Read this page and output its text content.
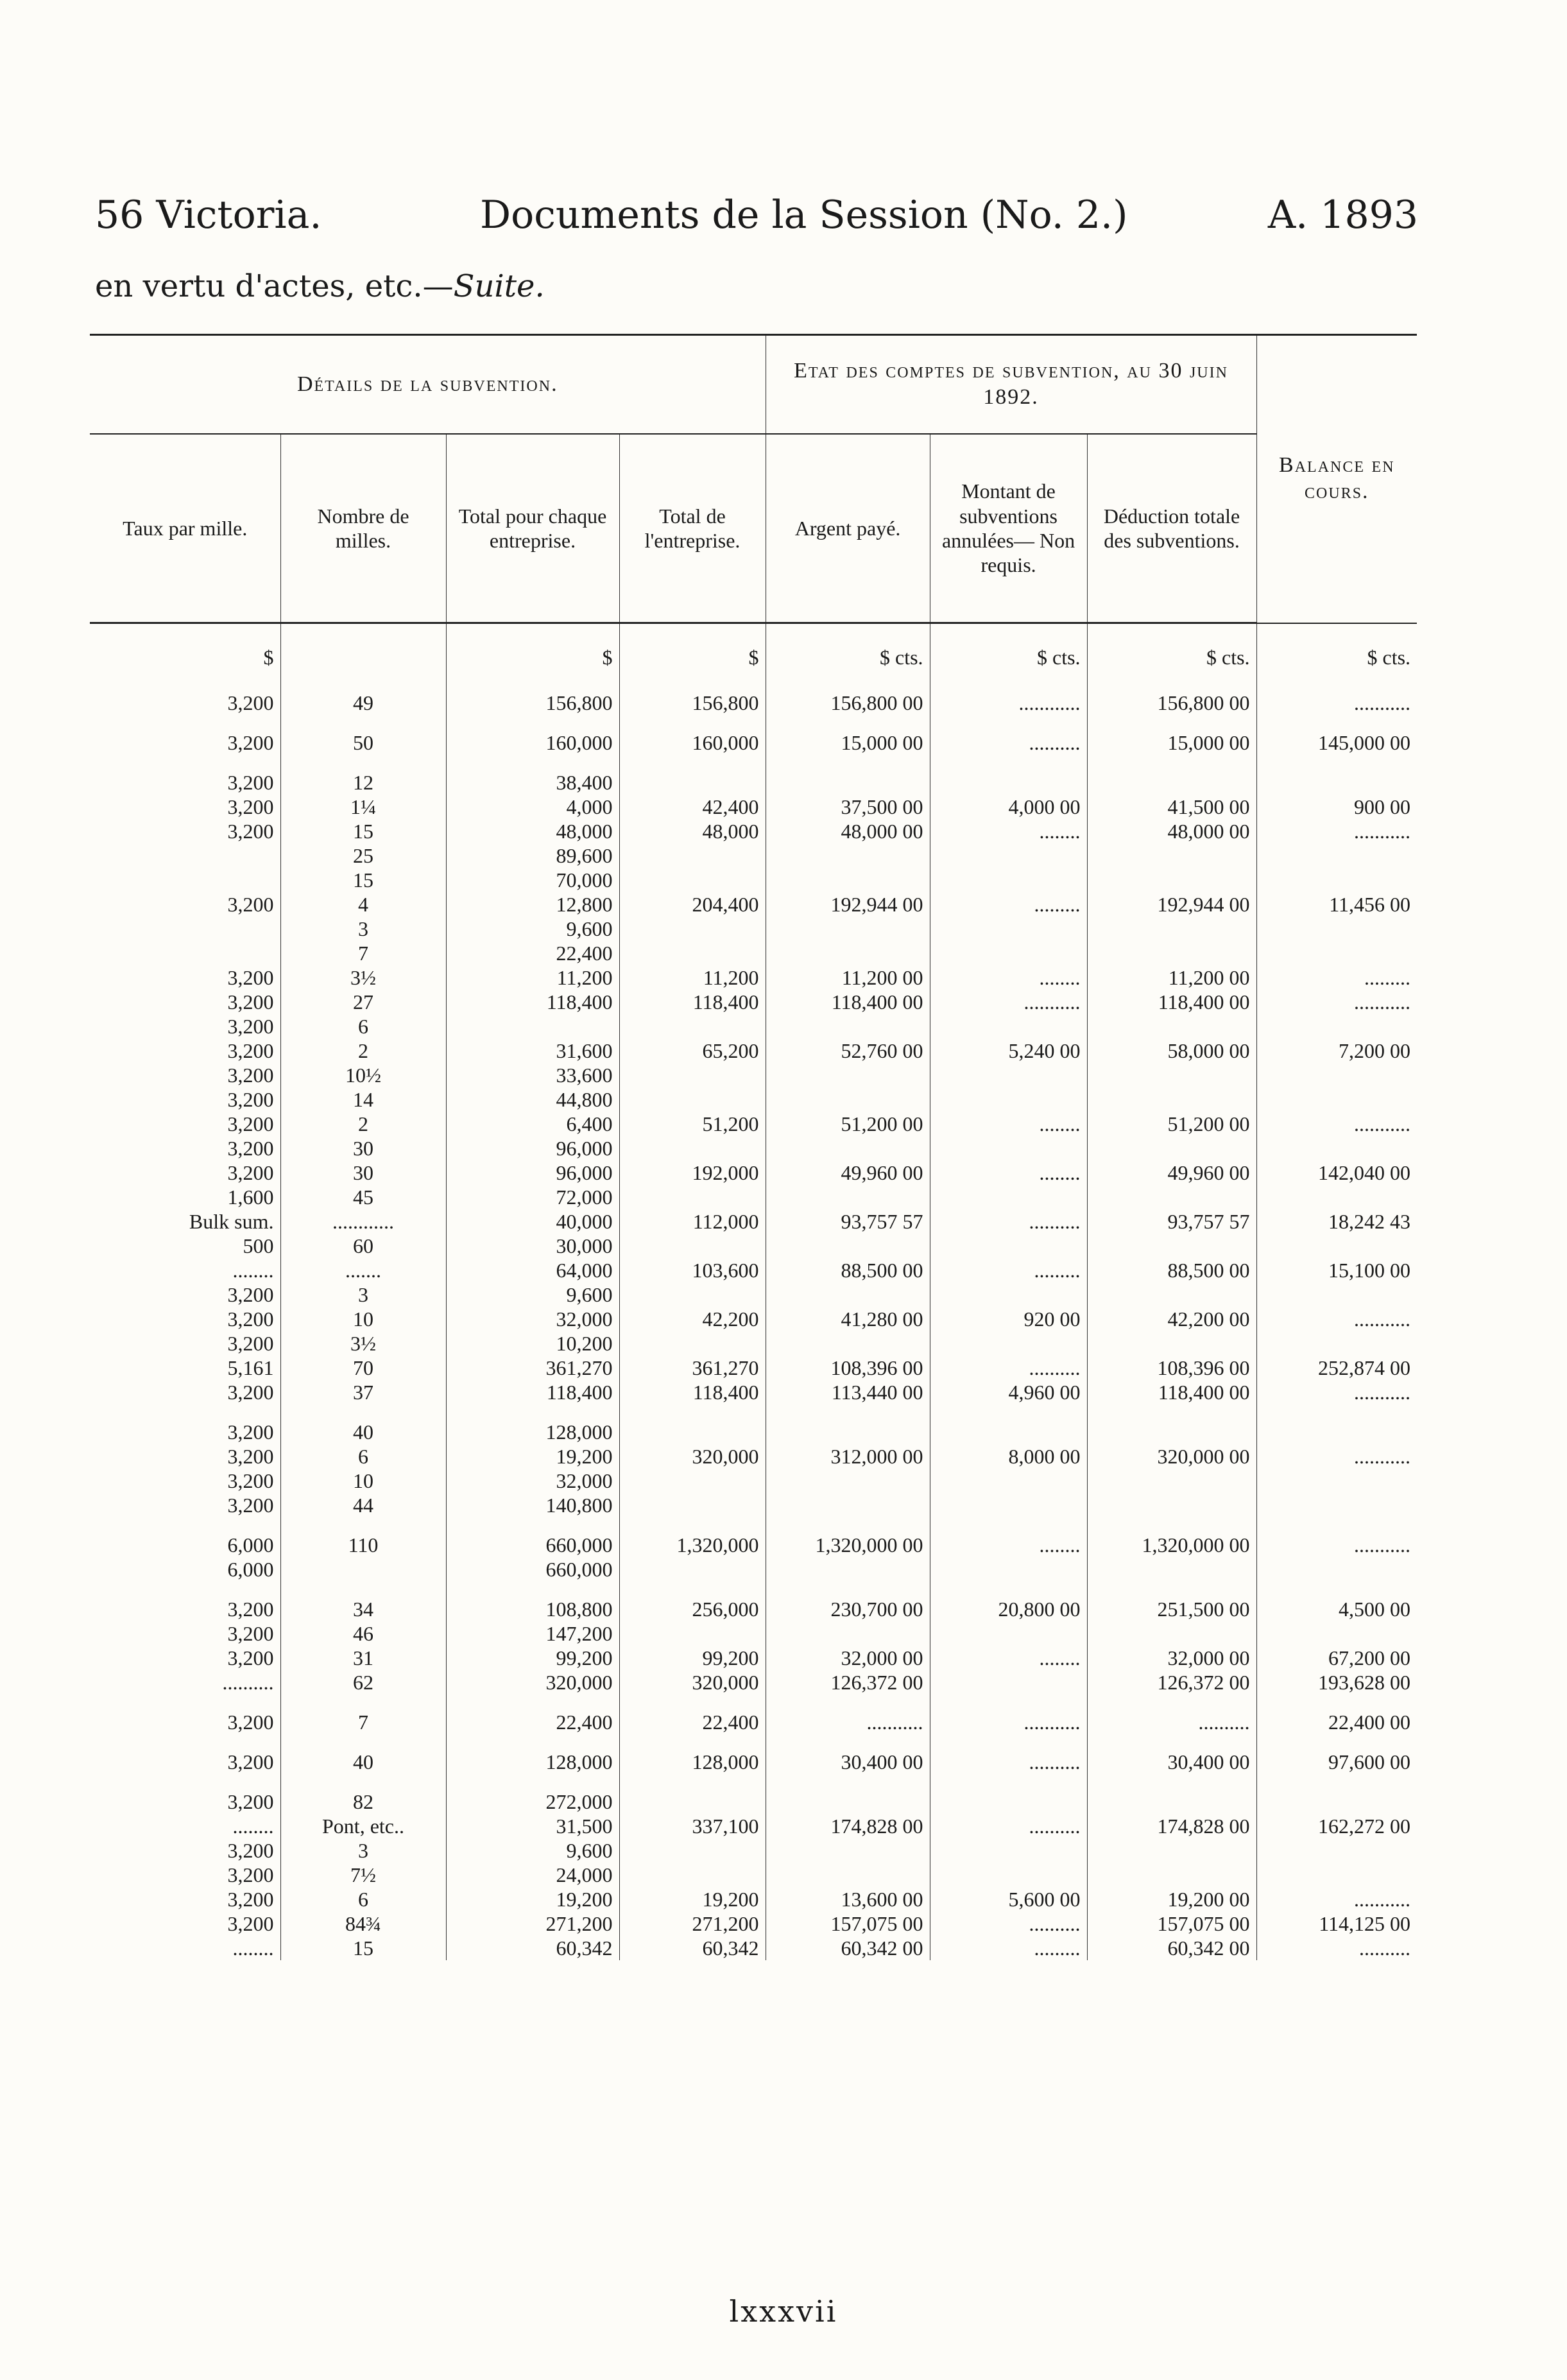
56 Victoria.	Documents de la Session (No. 2.)	A. 1893
en vertu d'actes, etc.—Suite.
Détails de la subvention.				Etat des comptes de subvention, au 30 juin 1892.			Balance en cours.
Taux par mille.	Nombre de milles.	Total pour chaque entreprise.	Total de l'entreprise.	Argent payé.	Montant de subventions annulées— Non requis.	Déduction totale des subventions.	
$		$	$	$ cts.	$ cts.	$ cts.	$ cts.
3,200	49	156,800	156,800	156,800 00	............	156,800 00	...........

3,200	50	160,000	160,000	15,000 00	..........	15,000 00	145,000 00

3,200	12	38,400					
3,200	1¼	4,000	42,400	37,500 00	4,000 00	41,500 00	900 00
3,200	15	48,000	48,000	48,000 00	........	48,000 00	...........
	25	89,600					
	15	70,000					
3,200	4	12,800	204,400	192,944 00	.........	192,944 00	11,456 00
	3	9,600					
	7	22,400					
3,200	3½	11,200	11,200	11,200 00	........	11,200 00	.........
3,200	27	118,400	118,400	118,400 00	...........	118,400 00	...........
3,200	6						
3,200	2	31,600	65,200	52,760 00	5,240 00	58,000 00	7,200 00
3,200	10½	33,600					
3,200	14	44,800					
3,200	2	6,400	51,200	51,200 00	........	51,200 00	...........
3,200	30	96,000					
3,200	30	96,000	192,000	49,960 00	........	49,960 00	142,040 00
1,600	45	72,000					
Bulk sum.	............	40,000	112,000	93,757 57	..........	93,757 57	18,242 43
500	60	30,000					
........	.......	64,000	103,600	88,500 00	.........	88,500 00	15,100 00
3,200	3	9,600					
3,200	10	32,000	42,200	41,280 00	920 00	42,200 00	...........
3,200	3½	10,200					
5,161	70	361,270	361,270	108,396 00	..........	108,396 00	252,874 00
3,200	37	118,400	118,400	113,440 00	4,960 00	118,400 00	...........

3,200	40	128,000					
3,200	6	19,200	320,000	312,000 00	8,000 00	320,000 00	...........
3,200	10	32,000					
3,200	44	140,800					

6,000	110	660,000	1,320,000	1,320,000 00	........	1,320,000 00	...........
6,000		660,000					

3,200	34	108,800	256,000	230,700 00	20,800 00	251,500 00	4,500 00
3,200	46	147,200					
3,200	31	99,200	99,200	32,000 00	........	32,000 00	67,200 00
..........	62	320,000	320,000	126,372 00		126,372 00	193,628 00

3,200	7	22,400	22,400	...........	...........	..........	22,400 00

3,200	40	128,000	128,000	30,400 00	..........	30,400 00	97,600 00

3,200	82	272,000					
........	Pont, etc..	31,500	337,100	174,828 00	..........	174,828 00	162,272 00
3,200	3	9,600					
3,200	7½	24,000					
3,200	6	19,200	19,200	13,600 00	5,600 00	19,200 00	...........
3,200	84¾	271,200	271,200	157,075 00	..........	157,075 00	114,125 00
........	15	60,342	60,342	60,342 00	.........	60,342 00	..........
lxxxvii
